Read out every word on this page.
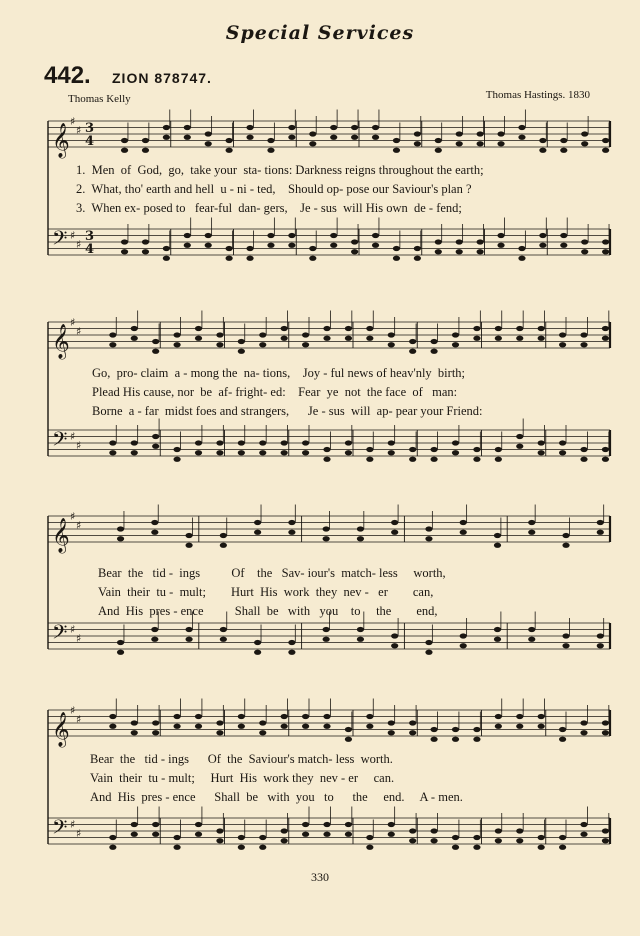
Special Services
442. ZION 878747.
Thomas Kelly	Thomas Hastings. 1830
𝄞
𝄢
♯
♯
♯
♯
3
3
4
4
𝄞
𝄢
♯
♯
♯
♯
𝄞
𝄢
♯
♯
♯
♯
𝄞
𝄢
♯
♯
♯
♯
1.  Men  of  God,  go,  take your  sta- tions: Darkness reigns throughout the earth;
2.  What, tho' earth and hell  u - ni - ted,    Should op- pose our Saviour's plan ?
3.  When ex- posed to   fear-ful  dan- gers,    Je - sus  will His own  de - fend;
Go,  pro- claim  a - mong the  na- tions,    Joy - ful news of heav'nly  birth;
Plead His cause, nor  be  af- fright- ed:    Fear  ye  not  the face  of   man:
Borne  a - far  midst foes and strangers,      Je - sus  will  ap- pear your Friend:
Bear  the   tid -  ings          Of    the   Sav- iour's  match- less     worth,
Vain  their  tu -  mult;        Hurt  His  work  they  nev -   er        can,
And  His  pres - ence          Shall  be   with   you    to     the        end,
Bear  the   tid - ings      Of  the  Saviour's match- less  worth.
Vain  their  tu - mult;     Hurt  His  work they  nev - er     can.
And  His  pres - ence      Shall  be   with  you   to      the     end.     A - men.
330
